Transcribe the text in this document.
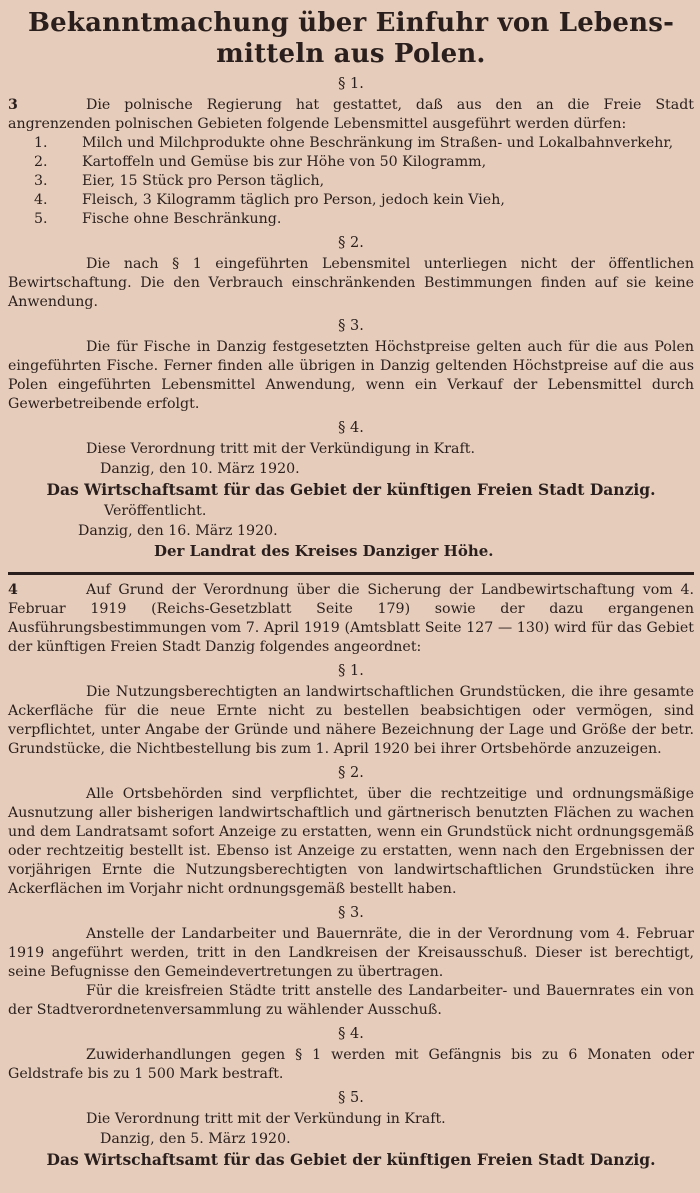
Bekanntmachung über Einfuhr von Lebens-
mitteln aus Polen.
§ 1.

3	Die polnische Regierung hat gestattet, daß aus den an die Freie Stadt angrenzenden polnischen Gebieten folgende Lebensmittel ausgeführt werden dürfen:

1. Milch und Milchprodukte ohne Beschränkung im Straßen- und Lokalbahnverkehr,
2. Kartoffeln und Gemüse bis zur Höhe von 50 Kilogramm,
3. Eier, 15 Stück pro Person täglich,
4. Fleisch, 3 Kilogramm täglich pro Person, jedoch kein Vieh,
5. Fische ohne Beschränkung.
§ 2.

Die nach § 1 eingeführten Lebensmitel unterliegen nicht der öffentlichen Bewirtschaftung. Die den Verbrauch einschränkenden Bestimmungen finden auf sie keine Anwendung.

§ 3.

Die für Fische in Danzig festgesetzten Höchstpreise gelten auch für die aus Polen eingeführten Fische. Ferner finden alle übrigen in Danzig geltenden Höchstpreise auf die aus Polen eingeführten Lebensmittel Anwendung, wenn ein Verkauf der Lebensmittel durch Gewerbetreibende erfolgt.

§ 4.

Diese Verordnung tritt mit der Verkündigung in Kraft.

Danzig, den 10. März 1920.

Das Wirtschaftsamt für das Gebiet der künftigen Freien Stadt Danzig.

Veröffentlicht.

Danzig, den 16. März 1920.

Der Landrat des Kreises Danziger Höhe.

4	Auf Grund der Verordnung über die Sicherung der Landbewirtschaftung vom 4. Februar 1919 (Reichs-Gesetzblatt Seite 179) sowie der dazu ergangenen Ausführungsbestimmungen vom 7. April 1919 (Amtsblatt Seite 127 — 130) wird für das Gebiet der künftigen Freien Stadt Danzig folgendes angeordnet:

§ 1.

Die Nutzungsberechtigten an landwirtschaftlichen Grundstücken, die ihre gesamte Ackerfläche für die neue Ernte nicht zu bestellen beabsichtigen oder vermögen, sind verpflichtet, unter Angabe der Gründe und nähere Bezeichnung der Lage und Größe der betr. Grundstücke, die Nichtbestellung bis zum 1. April 1920 bei ihrer Ortsbehörde anzuzeigen.

§ 2.

Alle Ortsbehörden sind verpflichtet, über die rechtzeitige und ordnungsmäßige Ausnutzung aller bisherigen landwirtschaftlich und gärtnerisch benutzten Flächen zu wachen und dem Landratsamt sofort Anzeige zu erstatten, wenn ein Grundstück nicht ordnungsgemäß oder rechtzeitig bestellt ist. Ebenso ist Anzeige zu erstatten, wenn nach den Ergebnissen der vorjährigen Ernte die Nutzungsberechtigten von landwirtschaftlichen Grundstücken ihre Ackerflächen im Vorjahr nicht ordnungsgemäß bestellt haben.

§ 3.

Anstelle der Landarbeiter und Bauernräte, die in der Verordnung vom 4. Februar 1919 angeführt werden, tritt in den Landkreisen der Kreisausschuß. Dieser ist berechtigt, seine Befugnisse den Gemeindevertretungen zu übertragen.

Für die kreisfreien Städte tritt anstelle des Landarbeiter- und Bauernrates ein von der Stadtverordnetenversammlung zu wählender Ausschuß.

§ 4.

Zuwiderhandlungen gegen § 1 werden mit Gefängnis bis zu 6 Monaten oder Geldstrafe bis zu 1 500 Mark bestraft.

§ 5.

Die Verordnung tritt mit der Verkündung in Kraft.

Danzig, den 5. März 1920.

Das Wirtschaftsamt für das Gebiet der künftigen Freien Stadt Danzig.
